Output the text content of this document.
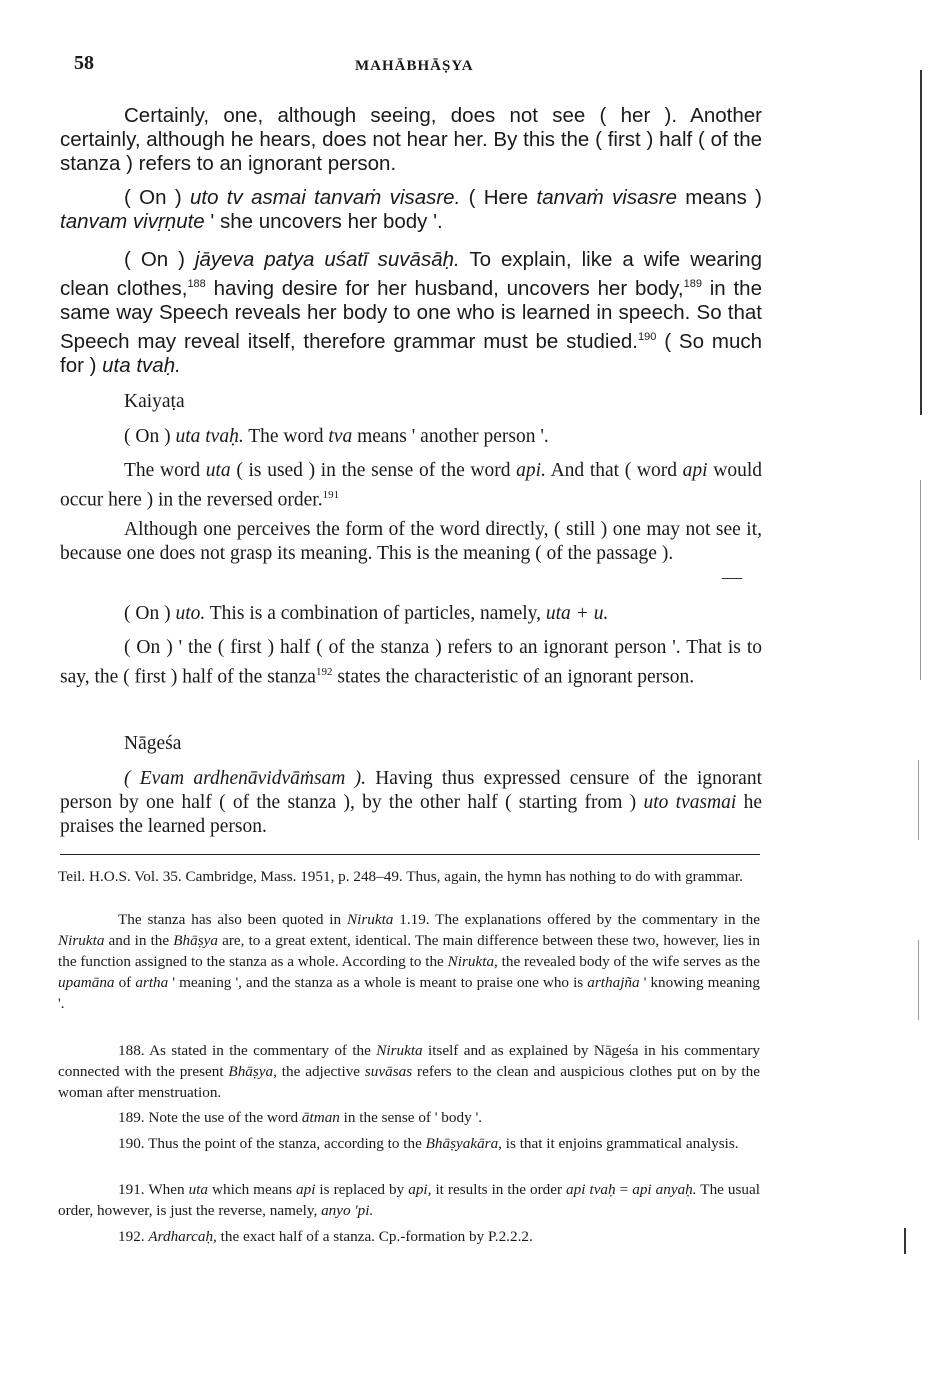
58	MAHĀBHĀṢYA
Certainly, one, although seeing, does not see ( her ). Another certainly, although he hears, does not hear her. By this the ( first ) half ( of the stanza ) refers to an ignorant person.
( On ) uto tv asmai tanvaṁ visasre. ( Here tanvaṁ visasre means ) tanvam vivṛṇute ' she uncovers her body '.
( On ) jāyeva patya uśatī suvāsāḥ. To explain, like a wife wearing clean clothes,$^{188}$ having desire for her husband, uncovers her body,$^{189}$ in the same way Speech reveals her body to one who is learned in speech. So that Speech may reveal itself, therefore grammar must be studied.$^{190}$ ( So much for ) uta tvaḥ.
Kaiyaṭa
( On ) uta tvaḥ. The word tva means ' another person '.
The word uta ( is used ) in the sense of the word api. And that ( word api would occur here ) in the reversed order.$^{191}$
Although one perceives the form of the word directly, ( still ) one may not see it, because one does not grasp its meaning. This is the meaning ( of the passage ).
( On ) uto. This is a combination of particles, namely, uta + u.
( On ) ' the ( first ) half ( of the stanza ) refers to an ignorant person '. That is to say, the ( first ) half of the stanza$^{192}$ states the characteristic of an ignorant person.
Nāgeśa
( Evam ardhenāvidvāṁsam ). Having thus expressed censure of the ignorant person by one half ( of the stanza ), by the other half ( starting from ) uto tvasmai he praises the learned person.
Teil. H.O.S. Vol. 35. Cambridge, Mass. 1951, p. 248–49. Thus, again, the hymn has nothing to do with grammar.
The stanza has also been quoted in Nirukta 1.19. The explanations offered by the commentary in the Nirukta and in the Bhāṣya are, to a great extent, identical. The main difference between these two, however, lies in the function assigned to the stanza as a whole. According to the Nirukta, the revealed body of the wife serves as the upamāna of artha ' meaning ', and the stanza as a whole is meant to praise one who is arthajña ' knowing meaning '.
188. As stated in the commentary of the Nirukta itself and as explained by Nāgeśa in his commentary connected with the present Bhāṣya, the adjective suvāsas refers to the clean and auspicious clothes put on by the woman after menstruation.
189. Note the use of the word ātman in the sense of ' body '.
190. Thus the point of the stanza, according to the Bhāṣyakāra, is that it enjoins grammatical analysis.
191. When uta which means api is replaced by api, it results in the order api tvaḥ = api anyaḥ. The usual order, however, is just the reverse, namely, anyo 'pi.
192. Ardharcaḥ, the exact half of a stanza. Cp.-formation by P.2.2.2.
